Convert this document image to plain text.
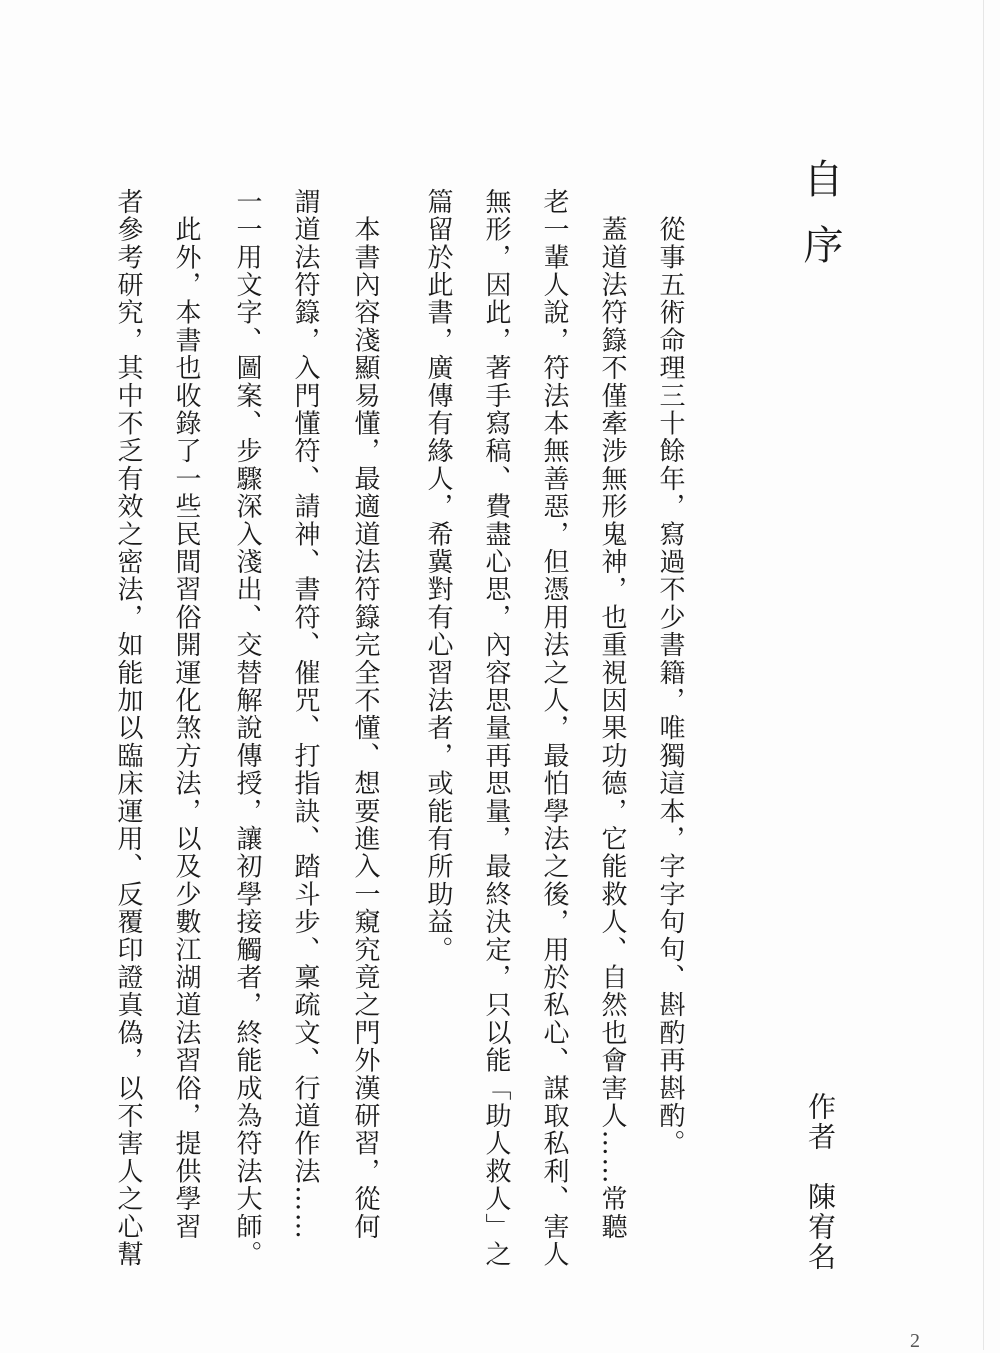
自序
　從事五術命理三十餘年，寫過不少書籍，唯獨這本，字字句句、斟酌再斟酌。
　蓋道法符籙不僅牽涉無形鬼神，也重視因果功德，它能救人、自然也會害人……常聽
老一輩人說，符法本無善惡，但憑用法之人，最怕學法之後，用於私心、謀取私利、害人
無形，因此，著手寫稿、費盡心思，內容思量再思量，最終決定，只以能「助人救人」之
篇留於此書，廣傳有緣人，希冀對有心習法者，或能有所助益。
　本書內容淺顯易懂，最適道法符籙完全不懂、想要進入一窺究竟之門外漢研習，從何
謂道法符籙，入門懂符、請神、書符、催咒、打指訣、踏斗步、稟疏文、行道作法……
一一用文字、圖案、步驟深入淺出、交替解說傳授，讓初學接觸者，終能成為符法大師。
　此外，本書也收錄了一些民間習俗開運化煞方法，以及少數江湖道法習俗，提供學習
者參考研究，其中不乏有效之密法，如能加以臨床運用、反覆印證真偽，以不害人之心幫	作者　陳宥名
2
